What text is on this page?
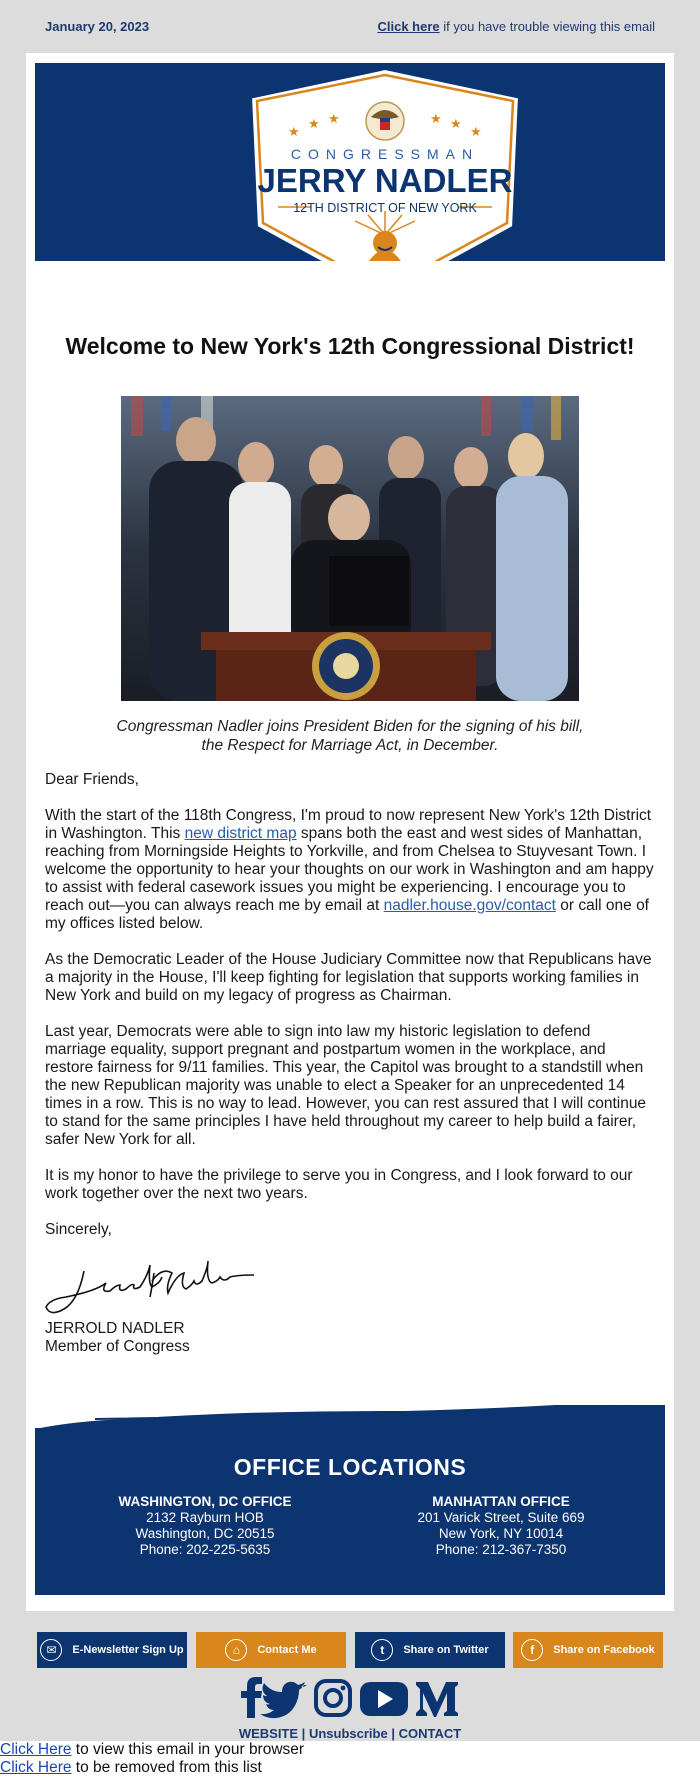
January 20, 2023	Click here if you have trouble viewing this email
★
★ ★	★ ★
★
CONGRESSMAN
JERRY NADLER
12TH DISTRICT OF NEW YORK
Welcome to New York's 12th Congressional District!
Congressman Nadler joins President Biden for the signing of his bill,
the Respect for Marriage Act, in December.

Dear Friends,

With the start of the 118th Congress, I'm proud to now represent New York's 12th District in Washington. This new district map spans both the east and west sides of Manhattan, reaching from Morningside Heights to Yorkville, and from Chelsea to Stuyvesant Town. I welcome the opportunity to hear your thoughts on our work in Washington and am happy to assist with federal casework issues you might be experiencing. I encourage you to reach out—you can always reach me by email at nadler.house.gov/contact or call one of my offices listed below.

As the Democratic Leader of the House Judiciary Committee now that Republicans have a majority in the House, I'll keep fighting for legislation that supports working families in New York and build on my legacy of progress as Chairman.

Last year, Democrats were able to sign into law my historic legislation to defend marriage equality, support pregnant and postpartum women in the workplace, and restore fairness for 9/11 families. This year, the Capitol was brought to a standstill when the new Republican majority was unable to elect a Speaker for an unprecedented 14 times in a row. This is no way to lead. However, you can rest assured that I will continue to stand for the same principles I have held throughout my career to help build a fairer, safer New York for all.

It is my honor to have the privilege to serve you in Congress, and I look forward to our work together over the next two years.

Sincerely,

JERROLD NADLER
Member of Congress
OFFICE LOCATIONS
WASHINGTON, DC OFFICE
2132 Rayburn HOB
Washington, DC 20515
Phone: 202-225-5635
MANHATTAN OFFICE
201 Varick Street, Suite 669
New York, NY 10014
Phone: 212-367-7350
✉	E-Newsletter Sign Up	⌂	Contact Me	t	Share on Twitter	f	Share on Facebook
WEBSITE | Unsubscribe | CONTACT
Click Here to view this email in your browser
Click Here to be removed from this list
